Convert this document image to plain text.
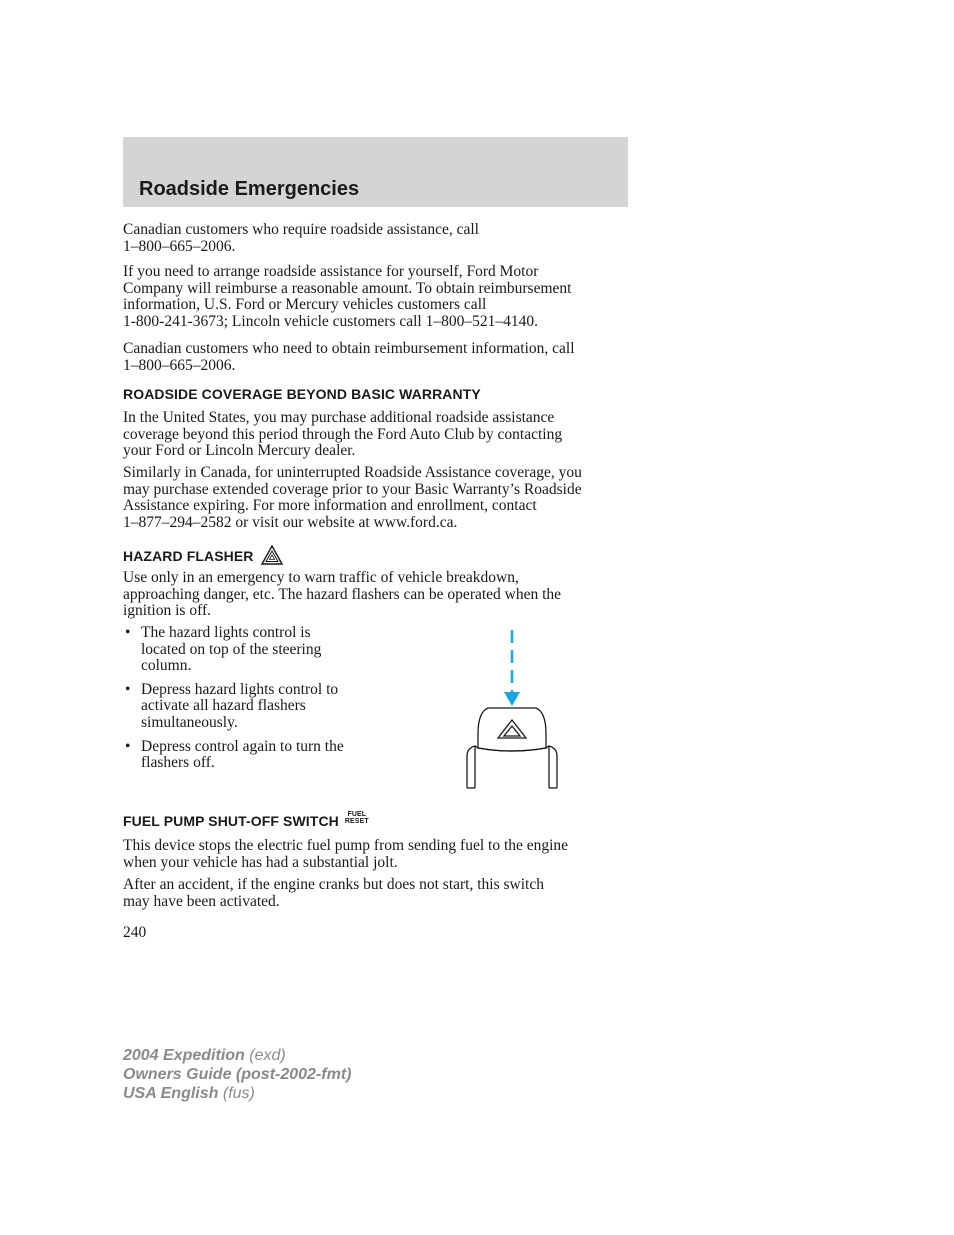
Roadside Emergencies
Canadian customers who require roadside assistance, call
1–800–665–2006.
If you need to arrange roadside assistance for yourself, Ford Motor
Company will reimburse a reasonable amount. To obtain reimbursement
information, U.S. Ford or Mercury vehicles customers call
1-800-241-3673; Lincoln vehicle customers call 1–800–521–4140.
Canadian customers who need to obtain reimbursement information, call
1–800–665–2006.
ROADSIDE COVERAGE BEYOND BASIC WARRANTY
In the United States, you may purchase additional roadside assistance
coverage beyond this period through the Ford Auto Club by contacting
your Ford or Lincoln Mercury dealer.
Similarly in Canada, for uninterrupted Roadside Assistance coverage, you
may purchase extended coverage prior to your Basic Warranty’s Roadside
Assistance expiring. For more information and enrollment, contact
1–877–294–2582 or visit our website at www.ford.ca.
HAZARD FLASHER
Use only in an emergency to warn traffic of vehicle breakdown,
approaching danger, etc. The hazard flashers can be operated when the
ignition is off.
• The hazard lights control is
located on top of the steering
column.
• Depress hazard lights control to
activate all hazard flashers
simultaneously.
• Depress control again to turn the
flashers off.
FUEL PUMP SHUT-OFF SWITCH FUEL
RESET
This device stops the electric fuel pump from sending fuel to the engine
when your vehicle has had a substantial jolt.
After an accident, if the engine cranks but does not start, this switch
may have been activated.
240
2004 Expedition (exd)
Owners Guide (post-2002-fmt)
USA English (fus)
